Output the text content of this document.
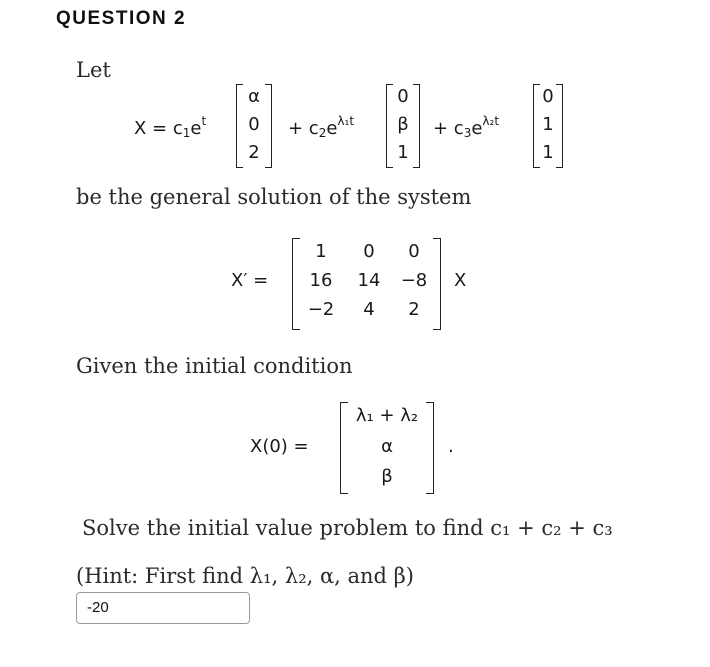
QUESTION 2
Let
$X = c_1e^t$
α
0
2
+ $c_2e^{\lambda_1t}$
0
β
1
+ $c_3e^{\lambda_2t}$
0
1
1
be the general solution of the system
X′ =
1	0	0
16	14	−8
−2	4	2
X
Given the initial condition
X(0) =
λ₁ + λ₂
α
β
.
Solve the initial value problem to find c₁ + c₂ + c₃
(Hint: First find λ₁, λ₂, α, and β)
-20
